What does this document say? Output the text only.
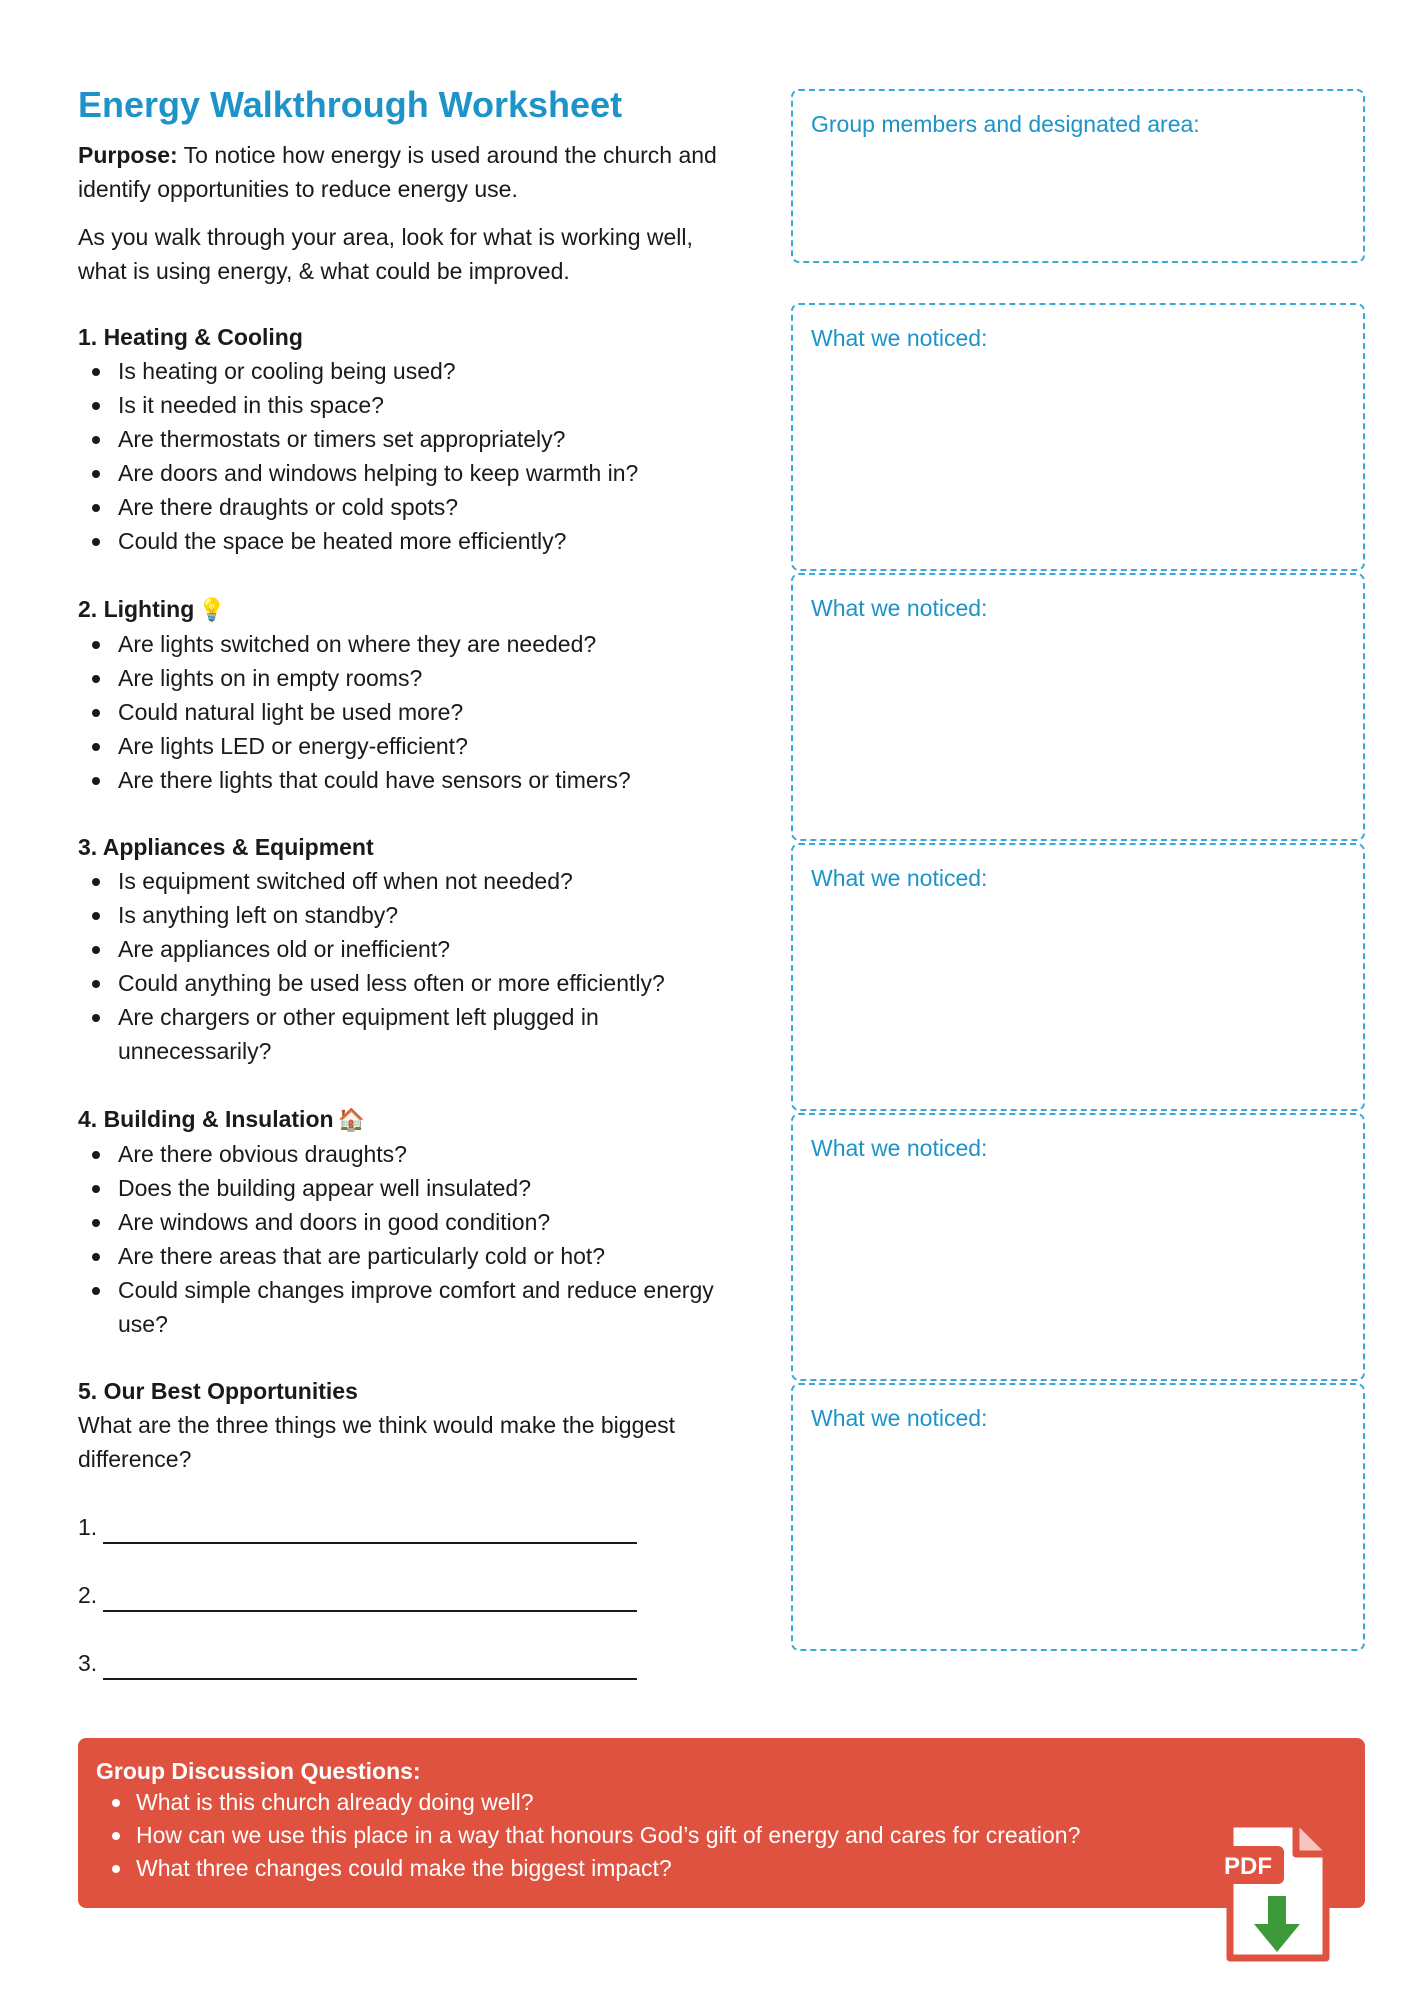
Energy Walkthrough Worksheet

Purpose: To notice how energy is used around the church and identify opportunities to reduce energy use.

As you walk through your area, look for what is working well, what is using energy, & what could be improved.

1. Heating & Cooling
Is heating or cooling being used?
Is it needed in this space?
Are thermostats or timers set appropriately?
Are doors and windows helping to keep warmth in?
Are there draughts or cold spots?
Could the space be heated more efficiently?
2. Lighting 💡
Are lights switched on where they are needed?
Are lights on in empty rooms?
Could natural light be used more?
Are lights LED or energy-efficient?
Are there lights that could have sensors or timers?
3. Appliances & Equipment
Is equipment switched off when not needed?
Is anything left on standby?
Are appliances old or inefficient?
Could anything be used less often or more efficiently?
Are chargers or other equipment left plugged in unnecessarily?
4. Building & Insulation 🏠
Are there obvious draughts?
Does the building appear well insulated?
Are windows and doors in good condition?
Are there areas that are particularly cold or hot?
Could simple changes improve comfort and reduce energy use?
5. Our Best Opportunities

What are the three things we think would make the biggest difference?

1.
2.
3.
Group members and designated area:
What we noticed:
What we noticed:
What we noticed:
What we noticed:
What we noticed:
Group Discussion Questions:
What is this church already doing well?
How can we use this place in a way that honours God’s gift of energy and cares for creation?
What three changes could make the biggest impact?	PDF
